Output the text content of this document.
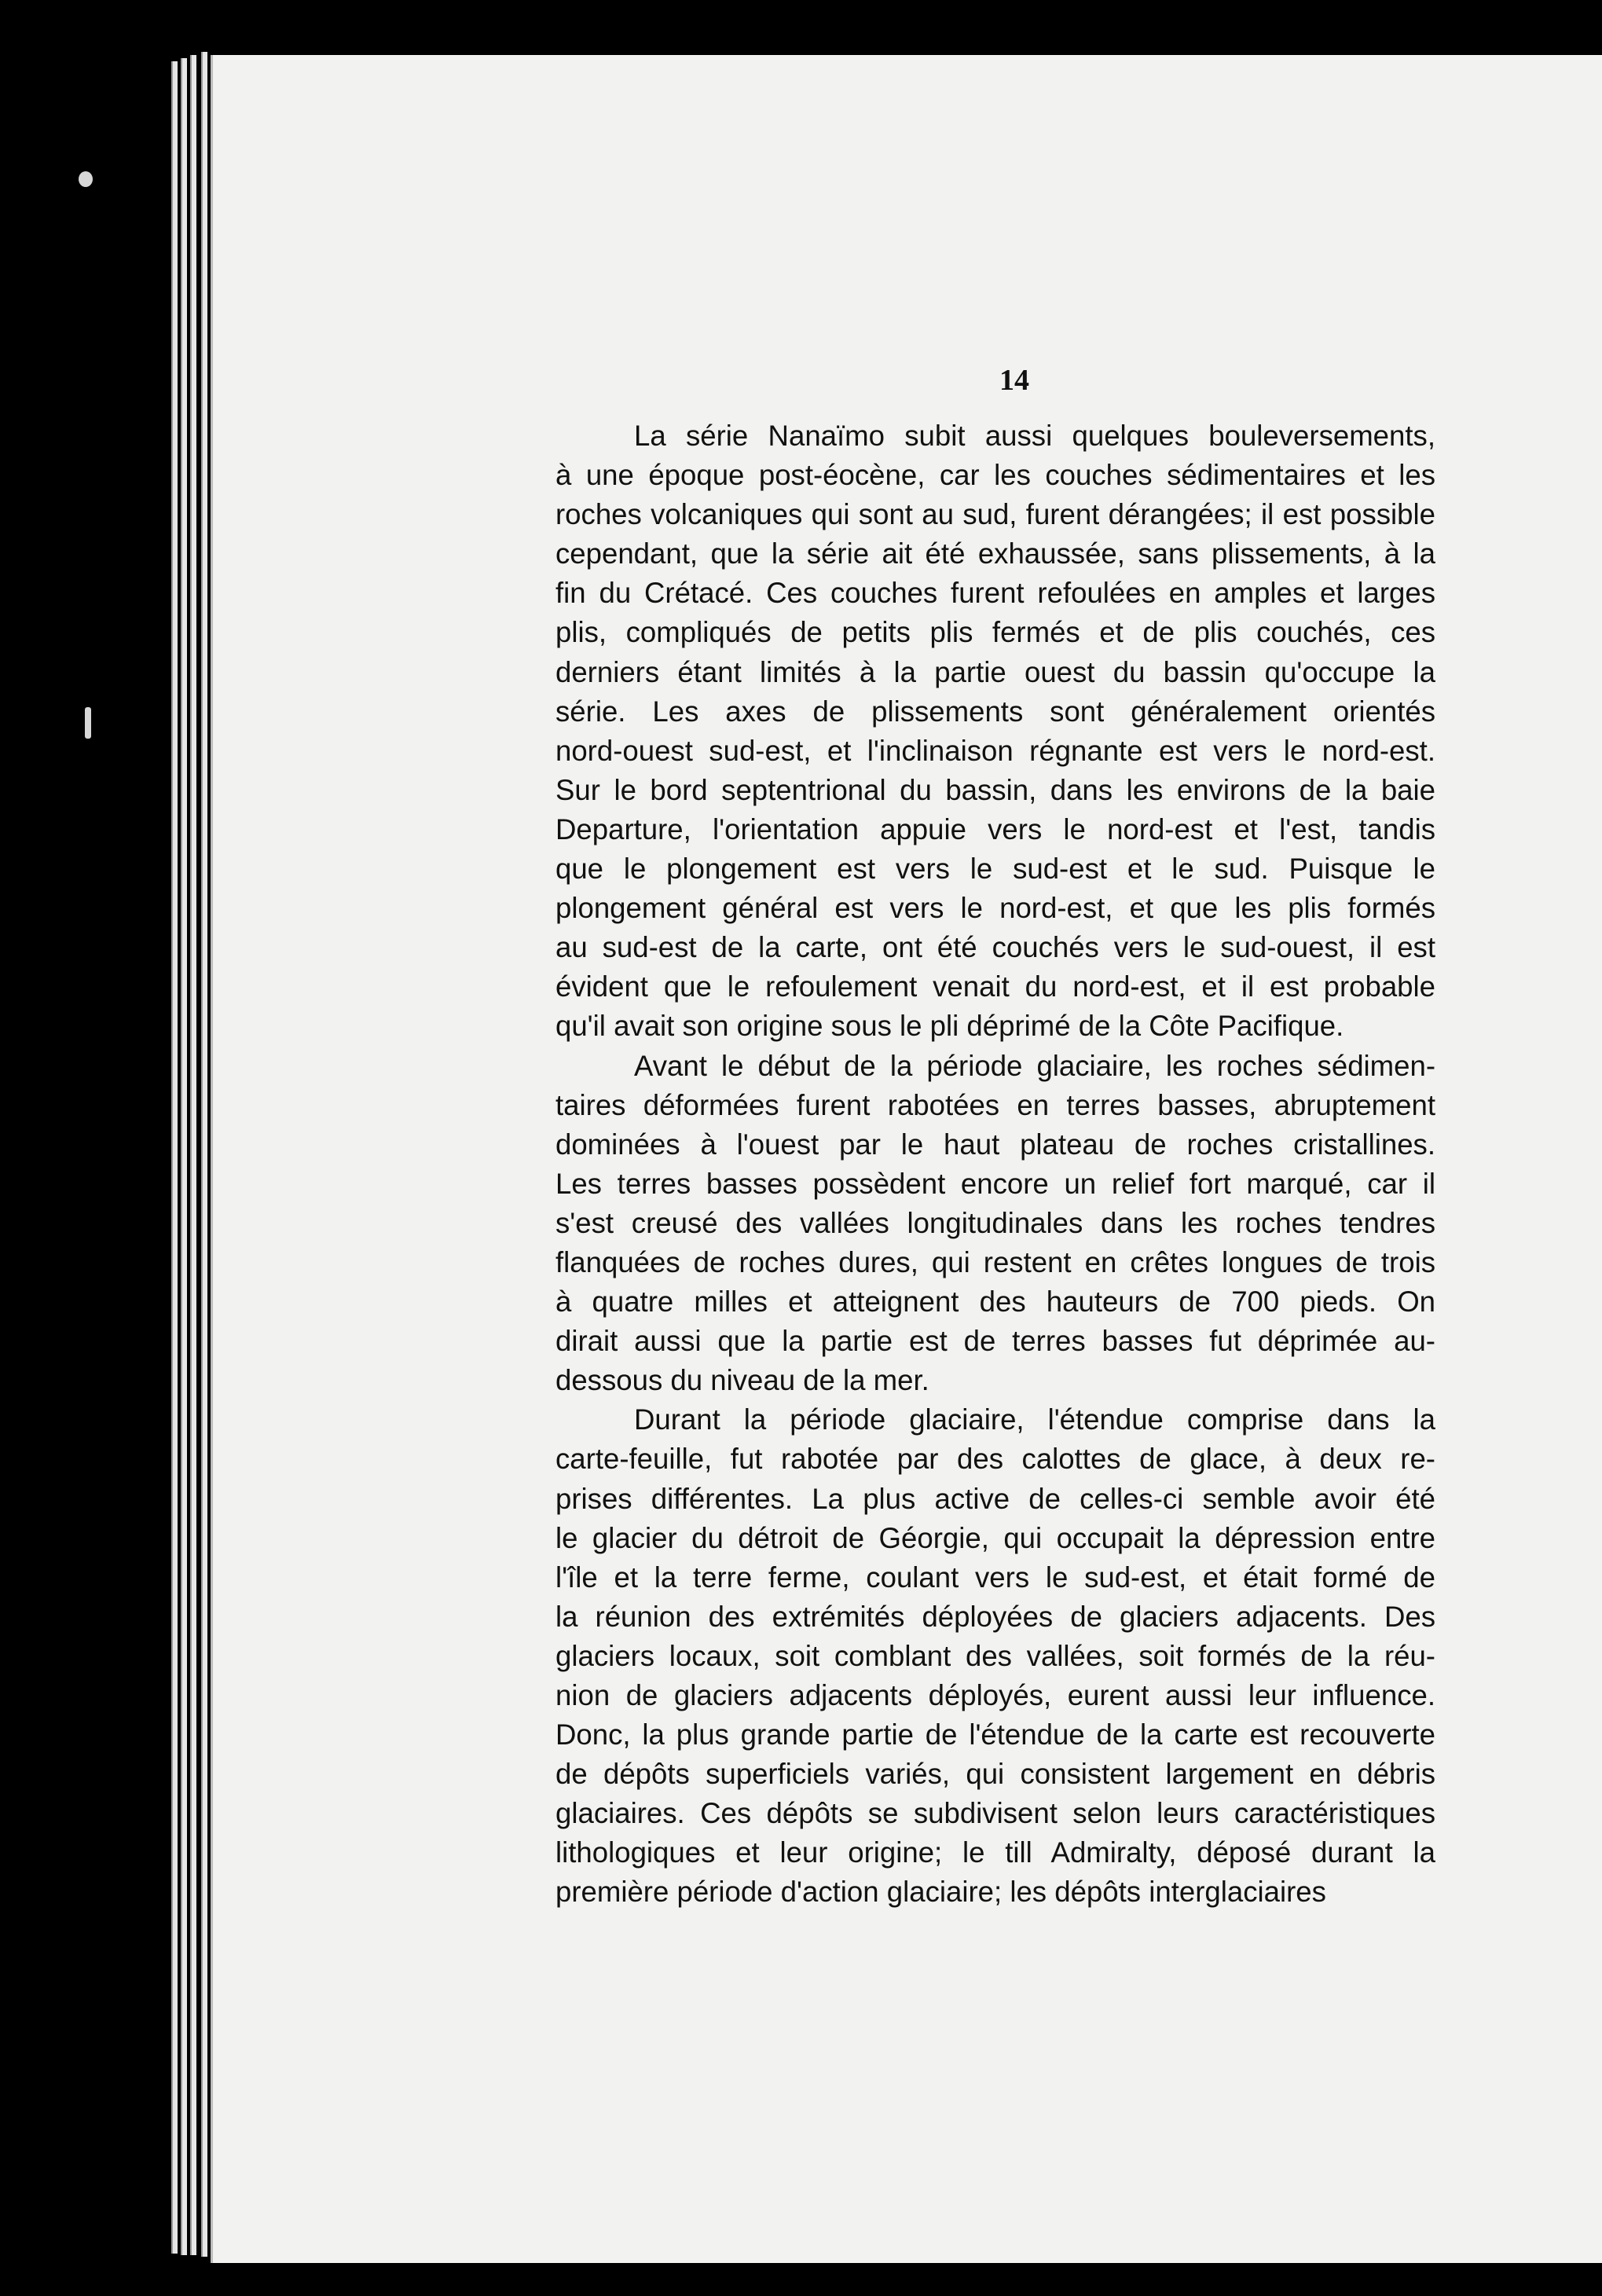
14
La série Nanaïmo subit aussi quelques bouleversements,
à une époque post-éocène, car les couches sédimentaires et les
roches volcaniques qui sont au sud, furent dérangées; il est possible
cependant, que la série ait été exhaussée, sans plissements, à la
fin du Crétacé. Ces couches furent refoulées en amples et larges
plis, compliqués de petits plis fermés et de plis couchés, ces
derniers étant limités à la partie ouest du bassin qu'occupe la
série. Les axes de plissements sont généralement orientés
nord-ouest sud-est, et l'inclinaison régnante est vers le nord-est.
Sur le bord septentrional du bassin, dans les environs de la baie
Departure, l'orientation appuie vers le nord-est et l'est, tandis
que le plongement est vers le sud-est et le sud. Puisque le
plongement général est vers le nord-est, et que les plis formés
au sud-est de la carte, ont été couchés vers le sud-ouest, il est
évident que le refoulement venait du nord-est, et il est probable
qu'il avait son origine sous le pli déprimé de la Côte Pacifique.
Avant le début de la période glaciaire, les roches sédimen-
taires déformées furent rabotées en terres basses, abruptement
dominées à l'ouest par le haut plateau de roches cristallines.
Les terres basses possèdent encore un relief fort marqué, car il
s'est creusé des vallées longitudinales dans les roches tendres
flanquées de roches dures, qui restent en crêtes longues de trois
à quatre milles et atteignent des hauteurs de 700 pieds. On
dirait aussi que la partie est de terres basses fut déprimée au-
dessous du niveau de la mer.
Durant la période glaciaire, l'étendue comprise dans la
carte-feuille, fut rabotée par des calottes de glace, à deux re-
prises différentes. La plus active de celles-ci semble avoir été
le glacier du détroit de Géorgie, qui occupait la dépression entre
l'île et la terre ferme, coulant vers le sud-est, et était formé de
la réunion des extrémités déployées de glaciers adjacents. Des
glaciers locaux, soit comblant des vallées, soit formés de la réu-
nion de glaciers adjacents déployés, eurent aussi leur influence.
Donc, la plus grande partie de l'étendue de la carte est recouverte
de dépôts superficiels variés, qui consistent largement en débris
glaciaires. Ces dépôts se subdivisent selon leurs caractéristiques
lithologiques et leur origine; le till Admiralty, déposé durant la
première période d'action glaciaire; les dépôts interglaciaires
